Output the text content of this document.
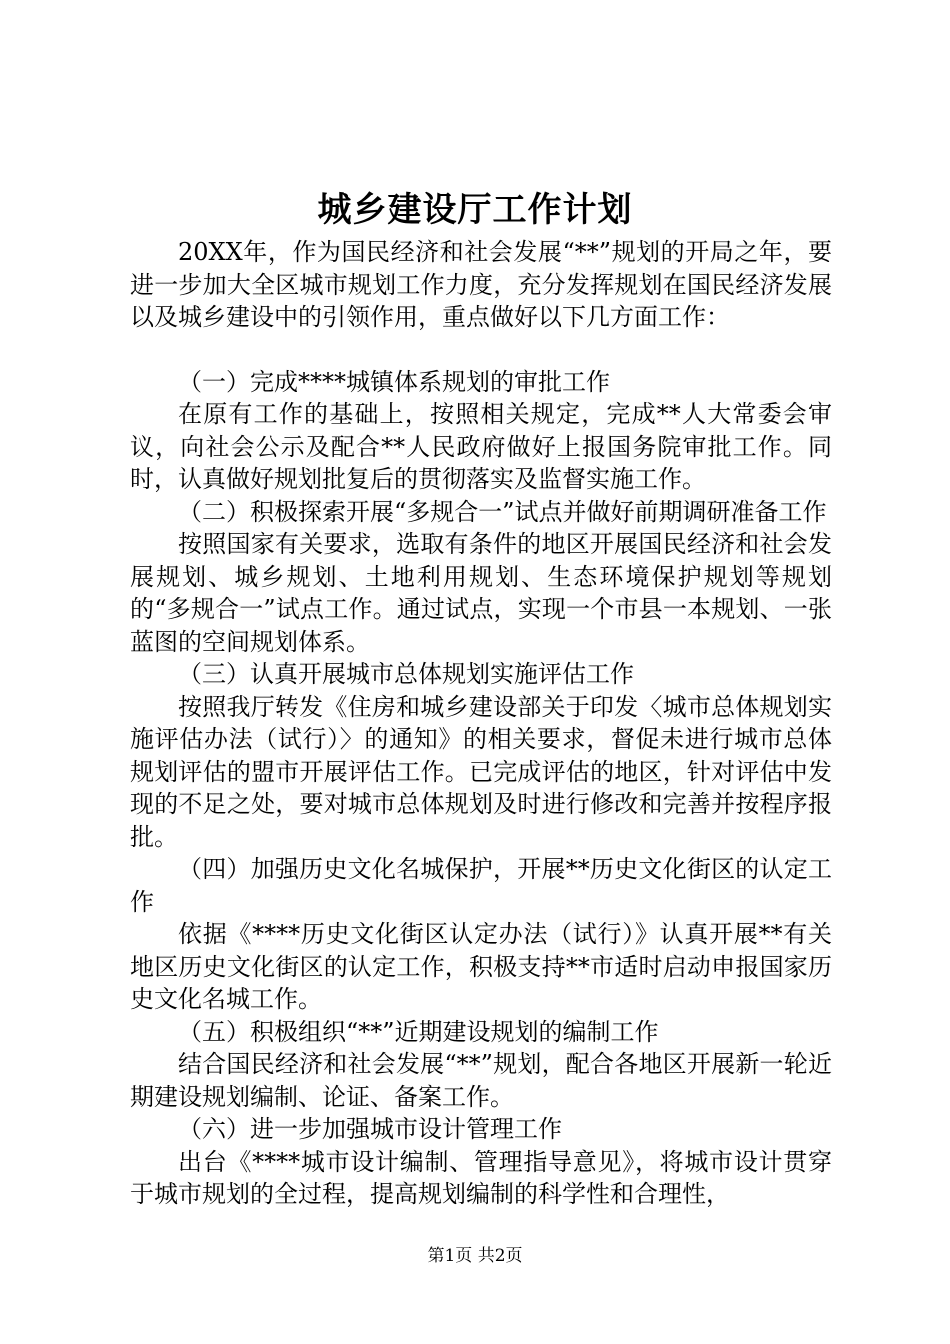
城乡建设厅工作计划

20XX年，作为国民经济和社会发展“**”规划的开局之年，要进一步加大全区城市规划工作力度，充分发挥规划在国民经济发展以及城乡建设中的引领作用，重点做好以下几方面工作：

（一）完成****城镇体系规划的审批工作

在原有工作的基础上，按照相关规定，完成**人大常委会审议，向社会公示及配合**人民政府做好上报国务院审批工作。同时，认真做好规划批复后的贯彻落实及监督实施工作。

（二）积极探索开展“多规合一”试点并做好前期调研准备工作

按照国家有关要求，选取有条件的地区开展国民经济和社会发展规划、城乡规划、土地利用规划、生态环境保护规划等规划的“多规合一”试点工作。通过试点，实现一个市县一本规划、一张蓝图的空间规划体系。

（三）认真开展城市总体规划实施评估工作

按照我厅转发《住房和城乡建设部关于印发〈城市总体规划实施评估办法（试行）〉的通知》的相关要求，督促未进行城市总体规划评估的盟市开展评估工作。已完成评估的地区，针对评估中发现的不足之处，要对城市总体规划及时进行修改和完善并按程序报批。

（四）加强历史文化名城保护，开展**历史文化街区的认定工作

依据《****历史文化街区认定办法（试行）》认真开展**有关地区历史文化街区的认定工作，积极支持**市适时启动申报国家历史文化名城工作。

（五）积极组织“**”近期建设规划的编制工作

结合国民经济和社会发展“**”规划，配合各地区开展新一轮近期建设规划编制、论证、备案工作。

（六）进一步加强城市设计管理工作

出台《****城市设计编制、管理指导意见》，将城市设计贯穿于城市规划的全过程，提高规划编制的科学性和合理性，

第1页 共2页
